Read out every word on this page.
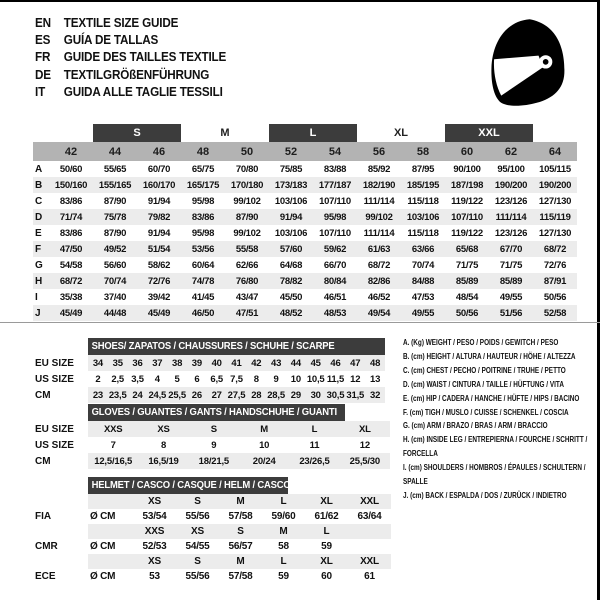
EN TEXTILE SIZE GUIDE
ES	GUÍA DE TALLAS
FR	GUIDE DES TAILLES TEXTILE
DE TEXTILGRÖßENFÜHRUNG
IT	GUIDA ALLE TAGLIE TESSILI
		S		M		L		XL		XXL		
	42	44	46	48	50	52	54	56	58	60	62	64
A	50/60	55/65	60/70	65/75	70/80	75/85	83/88	85/92	87/95	90/100	95/100	105/115
B	150/160	155/165	160/170	165/175	170/180	173/183	177/187	182/190	185/195	187/198	190/200	190/200
C	83/86	87/90	91/94	95/98	99/102	103/106	107/110	111/114	115/118	119/122	123/126	127/130
D	71/74	75/78	79/82	83/86	87/90	91/94	95/98	99/102	103/106	107/110	111/114	115/119
E	83/86	87/90	91/94	95/98	99/102	103/106	107/110	111/114	115/118	119/122	123/126	127/130
F	47/50	49/52	51/54	53/56	55/58	57/60	59/62	61/63	63/66	65/68	67/70	68/72
G	54/58	56/60	58/62	60/64	62/66	64/68	66/70	68/72	70/74	71/75	71/75	72/76
H	68/72	70/74	72/76	74/78	76/80	78/82	80/84	82/86	84/88	85/89	85/89	87/91
I	35/38	37/40	39/42	41/45	43/47	45/50	46/51	46/52	47/53	48/54	49/55	50/56
J	45/49	44/48	45/49	46/50	47/51	48/52	48/53	49/54	49/55	50/56	51/56	52/58

	SHOES/ ZAPATOS / CHAUSSURES / SCHUHE / SCARPE														

EU SIZE	34	35	36	37	38	39	40	41	42	43	44	45	46	47	48
US SIZE	2	2,5	3,5	4	5	6	6,5	7,5	8	9	10	10,5	11,5	12	13
CM	23	23,5	24	24,5	25,5	26	27	27,5	28	28,5	29	30	30,5	31,5	32

	GLOVES / GUANTES / GANTS / HANDSCHUHE / GUANTI					

EU SIZE	XXS	XS	S	M	L	XL
US SIZE	7	8	9	10	11	12
CM	12,5/16,5	16,5/19	18/21,5	20/24	23/26,5	25,5/30

	HELMET / CASCO / CASQUE / HELM / CASCO						

		XS	S	M	L	XL	XXL
FIA	Ø CM	53/54	55/56	57/58	59/60	61/62	63/64
		XXS	XS	S	M	L	
CMR	Ø CM	52/53	54/55	56/57	58	59	
		XS	S	M	L	XL	XXL
ECE	Ø CM	53	55/56	57/58	59	60	61

A. (Kg) WEIGHT / PESO / POIDS / GEWITCH / PESO

B. (cm) HEIGHT / ALTURA / HAUTEUR / HÖHE / ALTEZZA

C. (cm) CHEST / PECHO / POITRINE / TRUHE / PETTO

D. (cm) WAIST / CINTURA / TAILLE / HÜFTUNG / VITA

E. (cm) HIP / CADERA / HANCHE / HÜFTE / HIPS / BACINO

F. (cm) TIGH / MUSLO / CUISSE / SCHENKEL / COSCIA

G. (cm) ARM / BRAZO / BRAS / ARM / BRACCIO

H. (cm) INSIDE LEG / ENTREPIERNA / FOURCHE / SCHRITT / FORCELLA

I. (cm) SHOULDERS / HOMBROS / ÉPAULES / SCHULTERN / SPALLE

J. (cm) BACK / ESPALDA / DOS / ZURÜCK / INDIETRO
